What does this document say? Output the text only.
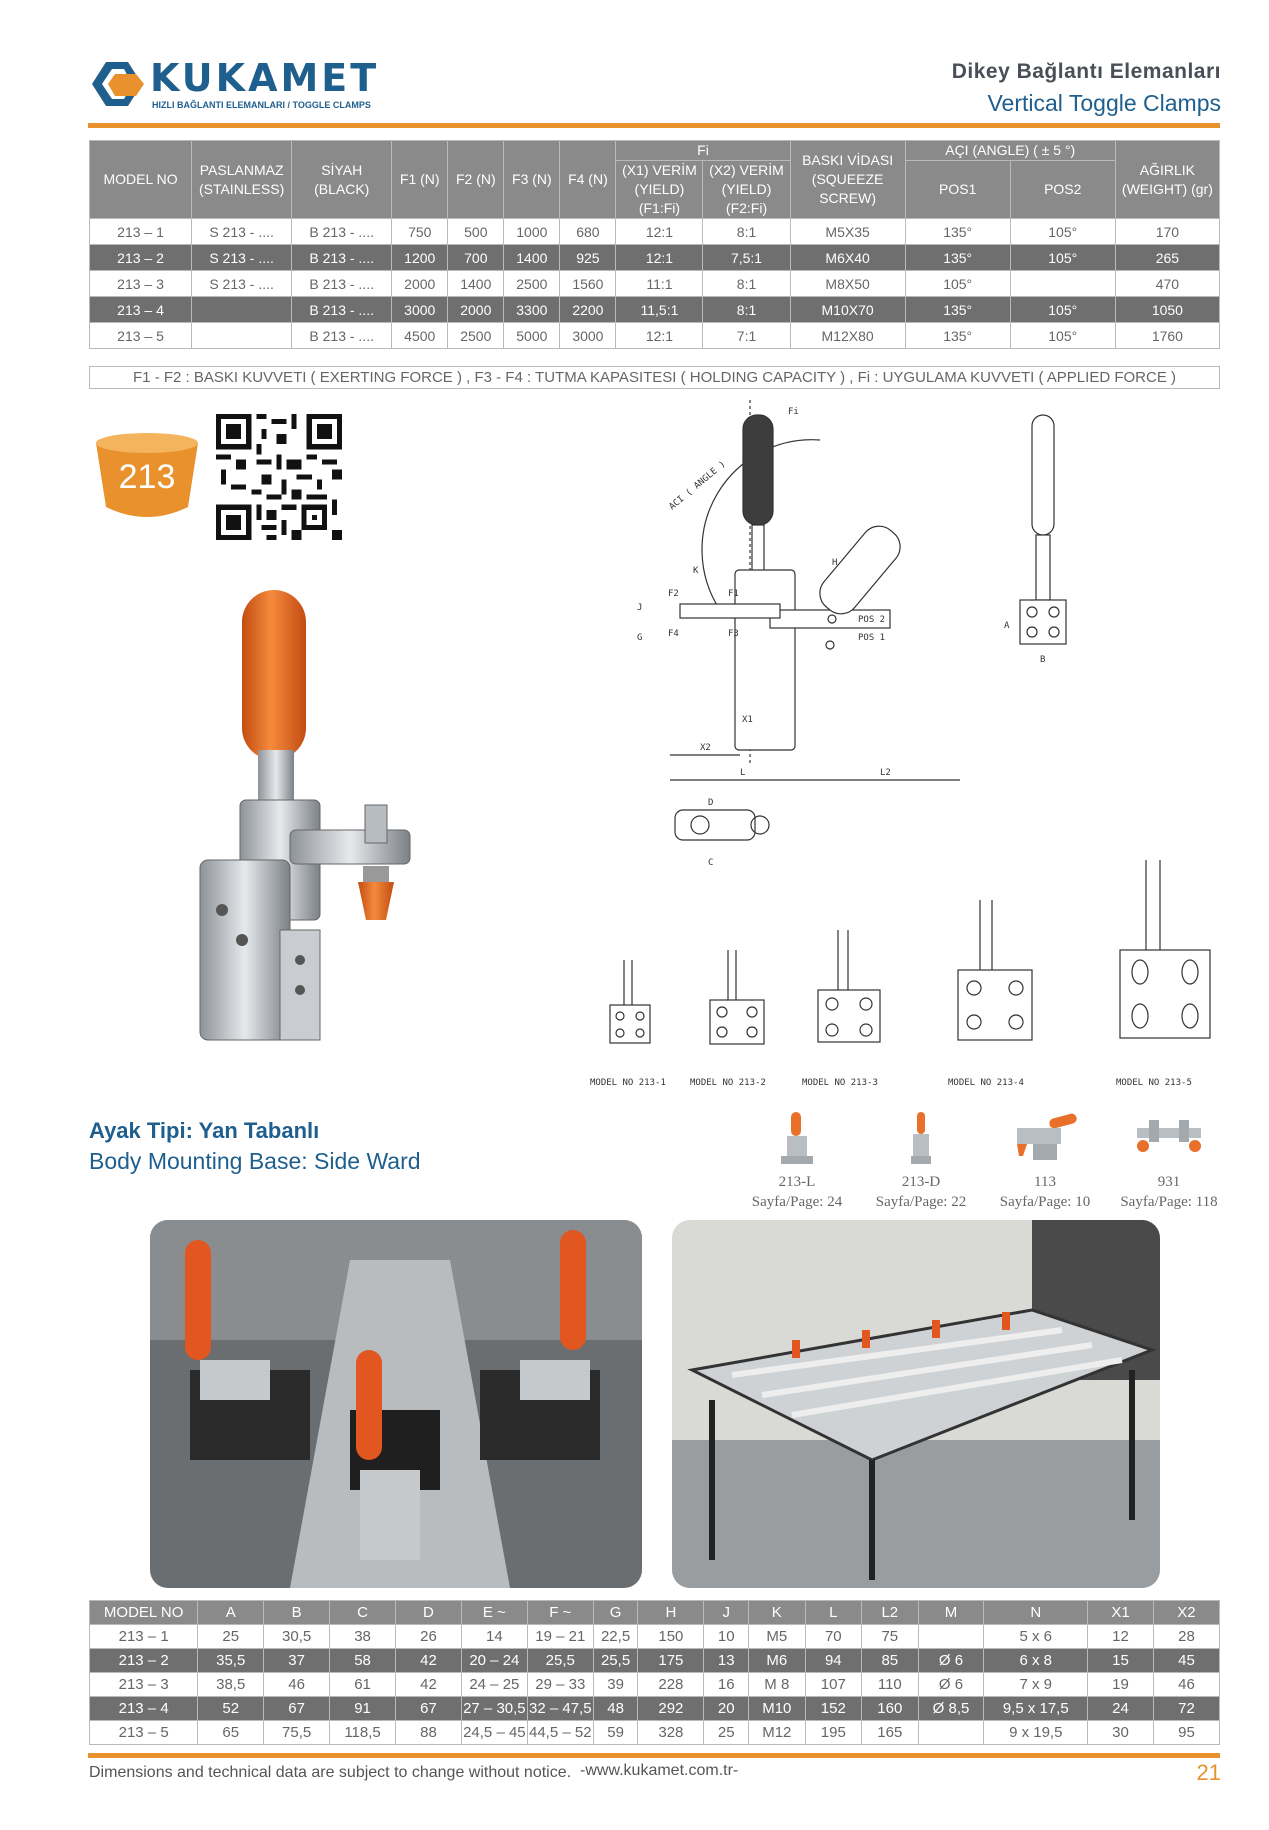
KUKAMET
HIZLI BAĞLANTI ELEMANLARI / TOGGLE CLAMPS
Dikey Bağlantı Elemanları
Vertical Toggle Clamps
MODEL NO	PASLANMAZ (STAINLESS)	SİYAH (BLACK)	F1 (N)	F2 (N)	F3 (N)	F4 (N)	Fi		BASKI VİDASI (SQUEEZE SCREW)	AÇI (ANGLE) ( ± 5 °)		AĞIRLIK (WEIGHT) (gr)
							(X1) VERİM (YIELD) (F1:Fi)	(X2) VERİM (YIELD) (F2:Fi)		POS1	POS2	
213 – 1	S 213 - ....	B 213 - ....	750	500	1000	680	12:1	8:1	M5X35	135°	105°	170
213 – 2	S 213 - ....	B 213 - ....	1200	700	1400	925	12:1	7,5:1	M6X40	135°	105°	265
213 – 3	S 213 - ....	B 213 - ....	2000	1400	2500	1560	11:1	8:1	M8X50	105°		470
213 – 4		B 213 - ....	3000	2000	3300	2200	11,5:1	8:1	M10X70	135°	105°	1050
213 – 5		B 213 - ....	4500	2500	5000	3000	12:1	7:1	M12X80	135°	105°	1760
F1 - F2 : BASKI KUVVETI ( EXERTING FORCE ) , F3 - F4 : TUTMA KAPASITESI ( HOLDING CAPACITY ) , Fi : UYGULAMA KUVVETI ( APPLIED FORCE )
213	ACI ( ANGLE )
POS 2
POS 1
K
F2	F1
F4	F3
Fi
H
J
G
X2
X1
L	L2
A
B
D
C
MODEL NO 213-1	MODEL NO 213-2	MODEL NO 213-3	MODEL NO 213-4	MODEL NO 213-5
Ayak Tipi: Yan Tabanlı
Body Mounting Base: Side Ward
213-L
Sayfa/Page: 24
213-D
Sayfa/Page: 22
113
Sayfa/Page: 10
931
Sayfa/Page: 118
MODEL NO	A	B	C	D	E ~	F ~	G	H	J	K	L	L2	M	N	X1	X2
213 – 1	25	30,5	38	26	14	19 – 21	22,5	150	10	M5	70	75		5 x 6	12	28
213 – 2	35,5	37	58	42	20 – 24	25,5	25,5	175	13	M6	94	85	Ø 6	6 x 8	15	45
213 – 3	38,5	46	61	42	24 – 25	29 – 33	39	228	16	M 8	107	110	Ø 6	7 x 9	19	46
213 – 4	52	67	91	67	27 – 30,5	32 – 47,5	48	292	20	M10	152	160	Ø 8,5	9,5 x 17,5	24	72
213 – 5	65	75,5	118,5	88	24,5 – 45	44,5 – 52	59	328	25	M12	195	165		9 x 19,5	30	95
Dimensions and technical data are subject to change without notice. -www.kukamet.com.tr-	21
